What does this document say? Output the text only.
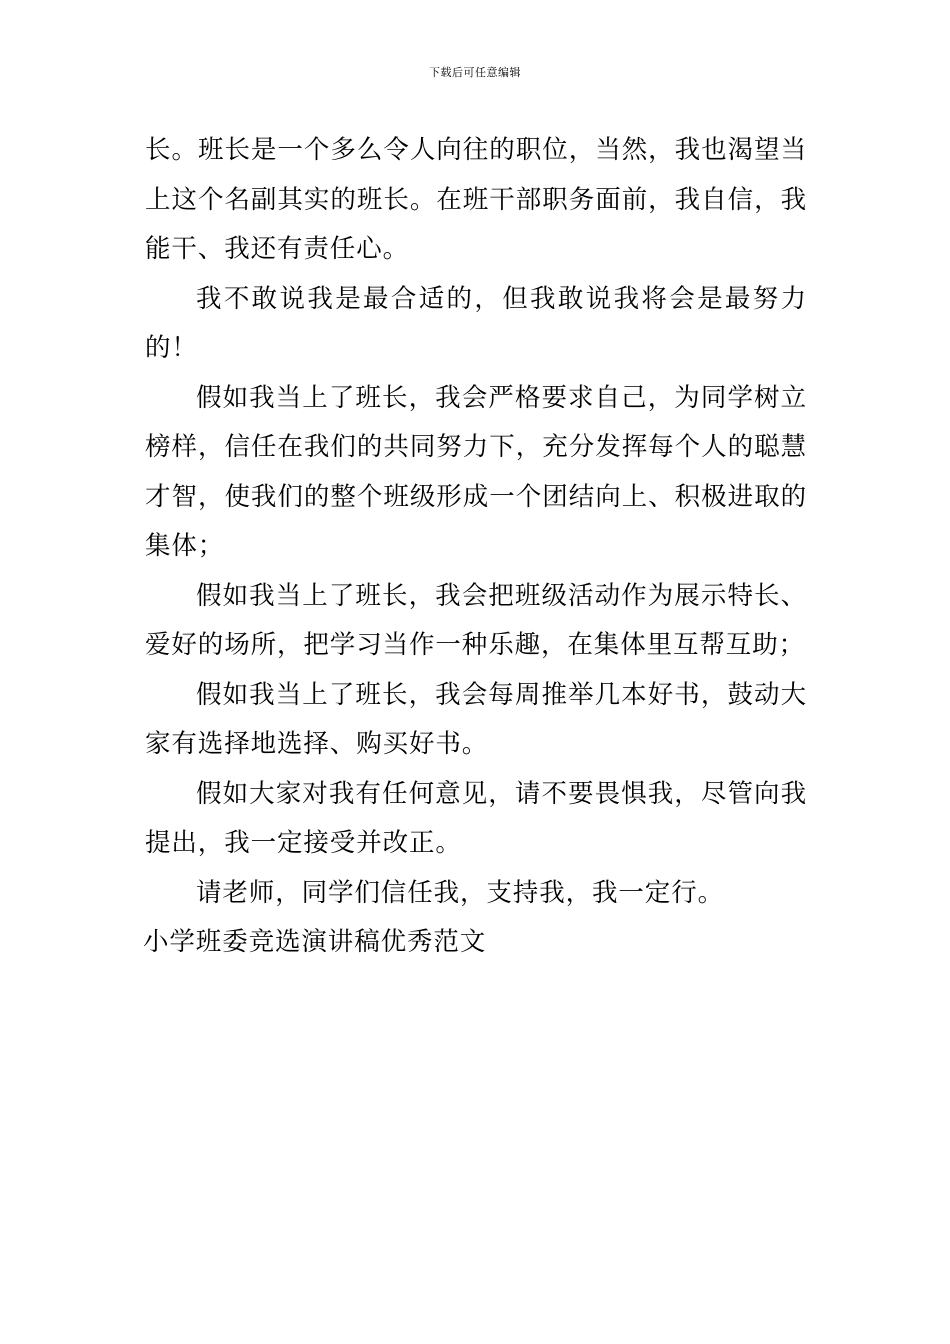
下载后可任意编辑

长。班长是一个多么令人向往的职位，当然，我也渴望当上这个名副其实的班长。在班干部职务面前，我自信，我能干、我还有责任心。

我不敢说我是最合适的，但我敢说我将会是最努力的！

假如我当上了班长，我会严格要求自己，为同学树立榜样，信任在我们的共同努力下，充分发挥每个人的聪慧才智，使我们的整个班级形成一个团结向上、积极进取的集体；

假如我当上了班长，我会把班级活动作为展示特长、爱好的场所，把学习当作一种乐趣，在集体里互帮互助；

假如我当上了班长，我会每周推举几本好书，鼓动大家有选择地选择、购买好书。

假如大家对我有任何意见，请不要畏惧我，尽管向我提出，我一定接受并改正。

请老师，同学们信任我，支持我，我一定行。

小学班委竞选演讲稿优秀范文
